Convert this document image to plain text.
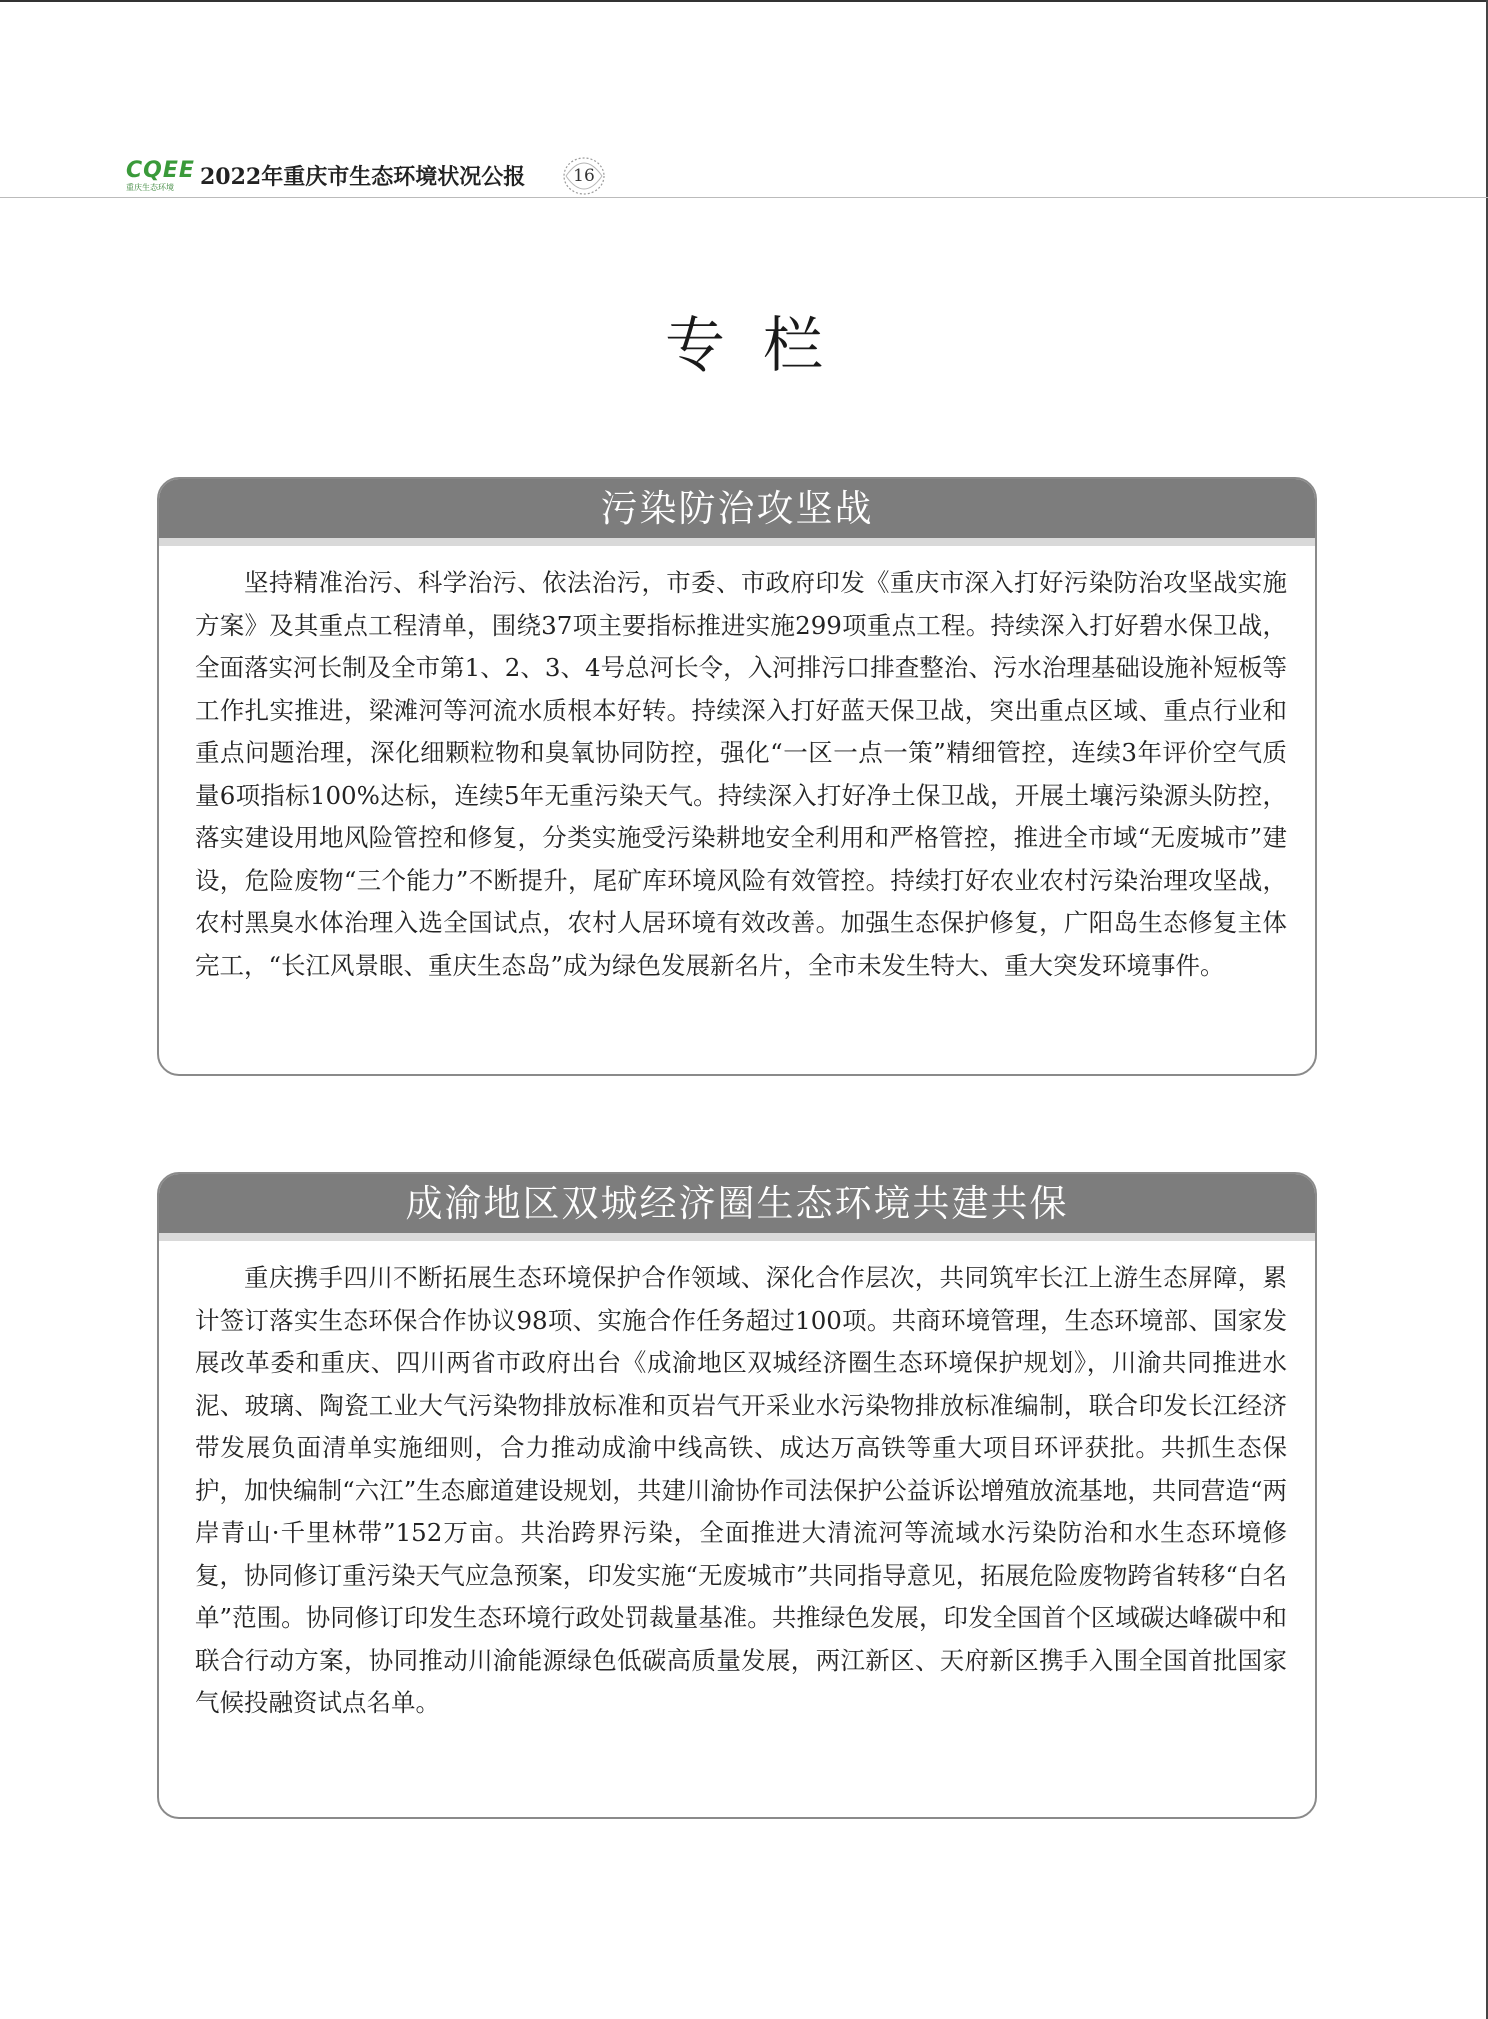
CQEE
重庆生态环境	2022年重庆市生态环境状况公报	16
专栏
污染防治攻坚战

坚持精准治污、科学治污、依法治污，市委、市政府印发《重庆市深入打好污染防治攻坚战实施方案》及其重点工程清单，围绕37项主要指标推进实施299项重点工程。持续深入打好碧水保卫战，全面落实河长制及全市第1、2、3、4号总河长令，入河排污口排查整治、污水治理基础设施补短板等工作扎实推进，梁滩河等河流水质根本好转。持续深入打好蓝天保卫战，突出重点区域、重点行业和重点问题治理，深化细颗粒物和臭氧协同防控，强化“一区一点一策”精细管控，连续3年评价空气质量6项指标100%达标，连续5年无重污染天气。持续深入打好净土保卫战，开展土壤污染源头防控，落实建设用地风险管控和修复，分类实施受污染耕地安全利用和严格管控，推进全市域“无废城市”建设，危险废物“三个能力”不断提升，尾矿库环境风险有效管控。持续打好农业农村污染治理攻坚战，农村黑臭水体治理入选全国试点，农村人居环境有效改善。加强生态保护修复，广阳岛生态修复主体完工，“长江风景眼、重庆生态岛”成为绿色发展新名片，全市未发生特大、重大突发环境事件。

成渝地区双城经济圈生态环境共建共保

重庆携手四川不断拓展生态环境保护合作领域、深化合作层次，共同筑牢长江上游生态屏障，累计签订落实生态环保合作协议98项、实施合作任务超过100项。共商环境管理，生态环境部、国家发展改革委和重庆、四川两省市政府出台《成渝地区双城经济圈生态环境保护规划》，川渝共同推进水泥、玻璃、陶瓷工业大气污染物排放标准和页岩气开采业水污染物排放标准编制，联合印发长江经济带发展负面清单实施细则，合力推动成渝中线高铁、成达万高铁等重大项目环评获批。共抓生态保护，加快编制“六江”生态廊道建设规划，共建川渝协作司法保护公益诉讼增殖放流基地，共同营造“两岸青山·千里林带”152万亩。共治跨界污染，全面推进大清流河等流域水污染防治和水生态环境修复，协同修订重污染天气应急预案，印发实施“无废城市”共同指导意见，拓展危险废物跨省转移“白名单”范围。协同修订印发生态环境行政处罚裁量基准。共推绿色发展，印发全国首个区域碳达峰碳中和联合行动方案，协同推动川渝能源绿色低碳高质量发展，两江新区、天府新区携手入围全国首批国家气候投融资试点名单。
